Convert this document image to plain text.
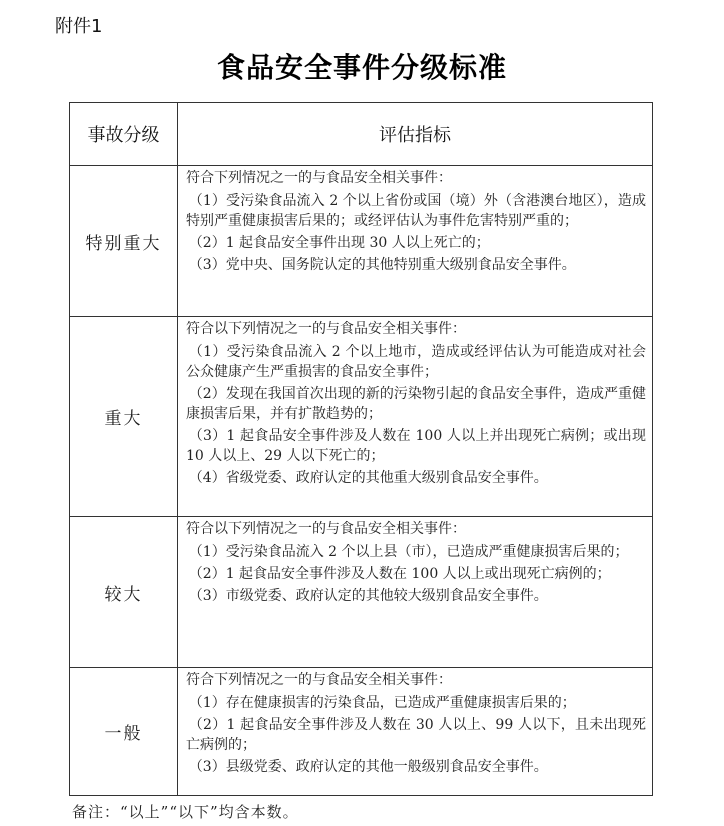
附件1
食品安全事件分级标准
事故分级	评估指标
特别重大	符合下列情况之一的与食品安全相关事件：
（1）受污染食品流入 2 个以上省份或国（境）外（含港澳台地区），造成特别严重健康损害后果的；或经评估认为事件危害特别严重的；
（2）1 起食品安全事件出现 30 人以上死亡的；
（3）党中央、国务院认定的其他特别重大级别食品安全事件。

重大	符合以下列情况之一的与食品安全相关事件：
（1）受污染食品流入 2 个以上地市，造成或经评估认为可能造成对社会公众健康产生严重损害的食品安全事件；
（2）发现在我国首次出现的新的污染物引起的食品安全事件，造成严重健康损害后果，并有扩散趋势的；
（3）1 起食品安全事件涉及人数在 100 人以上并出现死亡病例；或出现 10 人以上、29 人以下死亡的；
（4）省级党委、政府认定的其他重大级别食品安全事件。

较大	符合以下列情况之一的与食品安全相关事件：
（1）受污染食品流入 2 个以上县（市），已造成严重健康损害后果的；
（2）1 起食品安全事件涉及人数在 100 人以上或出现死亡病例的；
（3）市级党委、政府认定的其他较大级别食品安全事件。

一般	符合下列情况之一的与食品安全相关事件：
（1）存在健康损害的污染食品，已造成严重健康损害后果的；
（2）1 起食品安全事件涉及人数在 30 人以上、99 人以下，且未出现死亡病例的；
（3）县级党委、政府认定的其他一般级别食品安全事件。
备注：“以上”“以下”均含本数。
